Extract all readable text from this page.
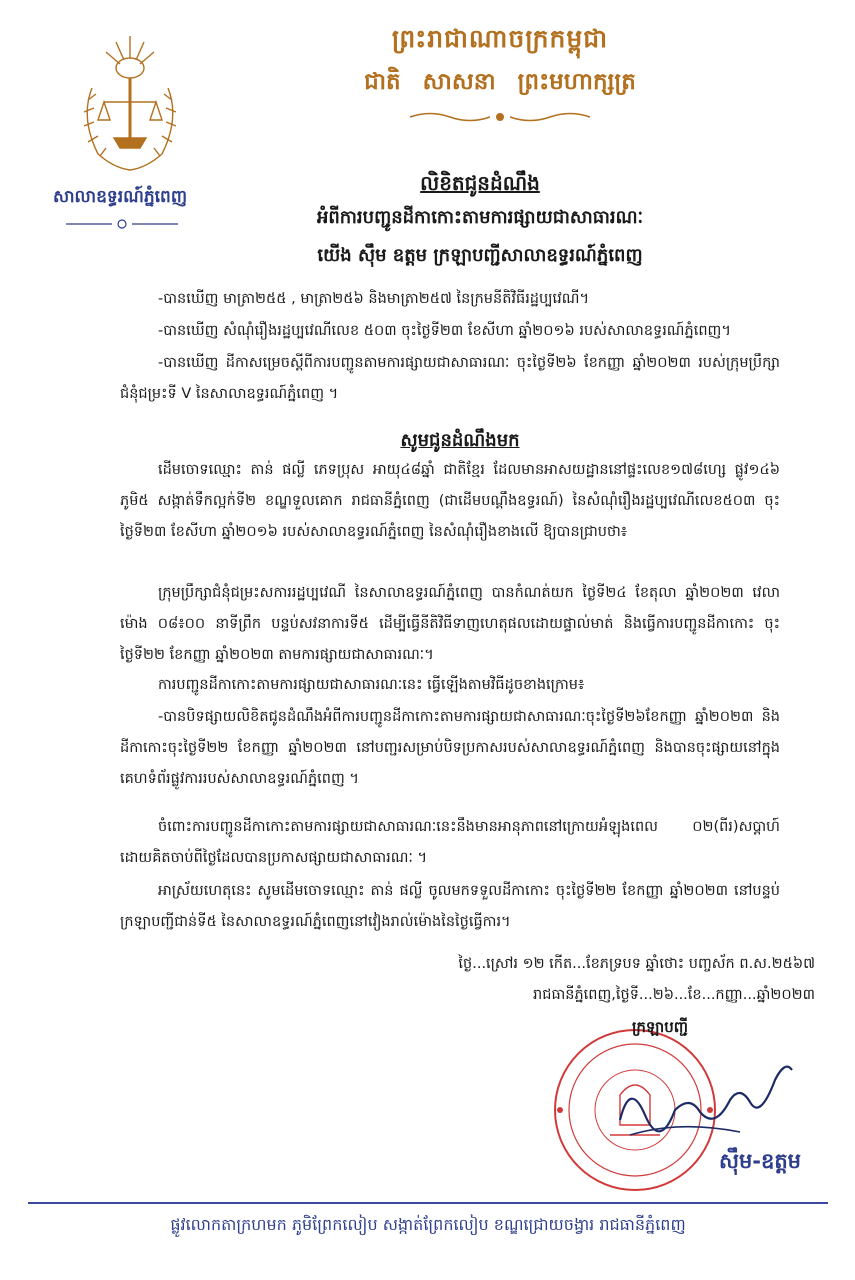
សាលាឧទ្ធរណ៍ភ្នំពេញ
ព្រះរាជាណាចក្រកម្ពុជា
ជាតិ សាសនា ព្រះមហាក្សត្រ
លិខិតជូនដំណឹង
អំពីការបញ្ជូនដីកាកោះតាមការផ្សាយជាសាធារណៈ
យើង ស៊ឹម ឧត្តម ក្រឡាបញ្ជីសាលាឧទ្ធរណ៍ភ្នំពេញ
-បានឃើញ មាត្រា២៥៥ , មាត្រា២៥៦ និងមាត្រា២៥៧ នៃក្រមនីតិវិធីរដ្ឋប្បវេណី។
-បានឃើញ សំណុំរឿងរដ្ឋប្បវេណីលេខ ៥០៣ ចុះថ្ងៃទី២៣ ខែសីហា ឆ្នាំ២០១៦ របស់សាលាឧទ្ធរណ៍ភ្នំពេញ។
-បានឃើញ ដីកាសម្រេចស្តីពីការបញ្ជូនតាមការផ្សាយជាសាធារណៈ ចុះថ្ងៃទី២៦ ខែកញ្ញា ឆ្នាំ២០២៣ របស់ក្រុមប្រឹក្សាជំនុំជម្រះទី V នៃសាលាឧទ្ធរណ៍ភ្នំពេញ ។
សូមជូនដំណឹងមក
ដើមចោទឈ្មោះ តាន់ ផល្លី ភេទប្រុស អាយុ៤៨ឆ្នាំ ជាតិខ្មែរ ដែលមានអាសយដ្ឋាននៅផ្ទះលេខ១៧៨ហ្សេ ផ្លូវ១៤៦ ភូមិ៥ សង្កាត់ទឹកល្អក់ទី២ ខណ្ឌទួលគោក រាជធានីភ្នំពេញ (ជាដើមបណ្តឹងឧទ្ធរណ៍) នៃសំណុំរឿងរដ្ឋប្បវេណីលេខ៥០៣ ចុះថ្ងៃទី២៣ ខែសីហា ឆ្នាំ២០១៦ របស់សាលាឧទ្ធរណ៍ភ្នំពេញ នៃសំណុំរឿងខាងលើ ឱ្យបានជ្រាបថា៖
ក្រុមប្រឹក្សាជំនុំជម្រះសការរដ្ឋប្បវេណី នៃសាលាឧទ្ធរណ៍ភ្នំពេញ បានកំណត់យក ថ្ងៃទី២៤ ខែតុលា ឆ្នាំ២០២៣ វេលាម៉ោង ០៨៖០០ នាទីព្រឹក បន្ទប់សវនាការទី៥ ដើម្បីធ្វើនីតិវិធីទាញហេតុផលដោយផ្ទាល់មាត់ និងធ្វើការបញ្ជូនដីកាកោះ ចុះថ្ងៃទី២២ ខែកញ្ញា ឆ្នាំ២០២៣ តាមការផ្សាយជាសាធារណៈ។
ការបញ្ជូនដីកាកោះតាមការផ្សាយជាសាធារណៈនេះ ធ្វើឡើងតាមវិធីដូចខាងក្រោម៖
-បានបិទផ្សាយលិខិតជូនដំណឹងអំពីការបញ្ជូនដីកាកោះតាមការផ្សាយជាសាធារណៈចុះថ្ងៃទី២៦ខែកញ្ញា ឆ្នាំ២០២៣ និងដីកាកោះចុះថ្ងៃទី២២ ខែកញ្ញា ឆ្នាំ២០២៣ នៅបញ្ជរសម្រាប់បិទប្រកាសរបស់សាលាឧទ្ធរណ៍ភ្នំពេញ និងបានចុះផ្សាយនៅក្នុងគេហទំព័រផ្លូវការរបស់សាលាឧទ្ធរណ៍ភ្នំពេញ ។
ចំពោះការបញ្ជូនដីកាកោះតាមការផ្សាយជាសាធារណៈនេះនឹងមានអានុភាពនៅក្រោយអំឡុងពេល ០២(ពីរ)សប្តាហ៍ ដោយគិតចាប់ពីថ្ងៃដែលបានប្រកាសផ្សាយជាសាធារណៈ ។
អាស្រ័យហេតុនេះ សូមដើមចោទឈ្មោះ តាន់ ផល្លី ចូលមកទទួលដីកាកោះ ចុះថ្ងៃទី២២ ខែកញ្ញា ឆ្នាំ២០២៣ នៅបន្ទប់ក្រឡាបញ្ជីជាន់ទី៥ នៃសាលាឧទ្ធរណ៍ភ្នំពេញនៅវៀងរាល់ម៉ោងនៃថ្ងៃធ្វើការ។
ថ្ងៃ...ស្រៅរ ១២ កើត...ខែភទ្របទ ឆ្នាំថោះ បញ្ចស័ក ព.ស.២៥៦៧
រាជធានីភ្នំពេញ,ថ្ងៃទី...២៦...ខែ...កញ្ញា...ឆ្នាំ២០២៣
ក្រឡាបញ្ជី
ស៊ឹម-ឧត្តម
ផ្លូវលោកតាក្រហមក ភូមិព្រែកលៀប សង្កាត់ព្រែកលៀប ខណ្ឌជ្រោយចង្វារ រាជធានីភ្នំពេញ
